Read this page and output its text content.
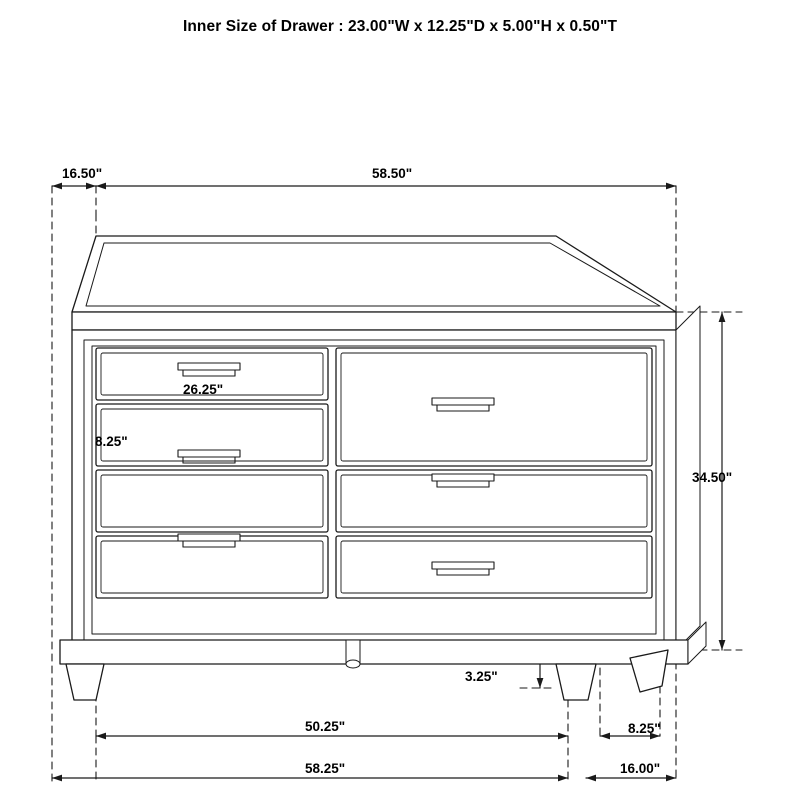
Inner Size of Drawer : 23.00"W x 12.25"D x 5.00"H x 0.50"T
16.50"	58.50"
26.25"
8.25"
34.50"
3.25"
8.25"
50.25"
58.25"	16.00"
